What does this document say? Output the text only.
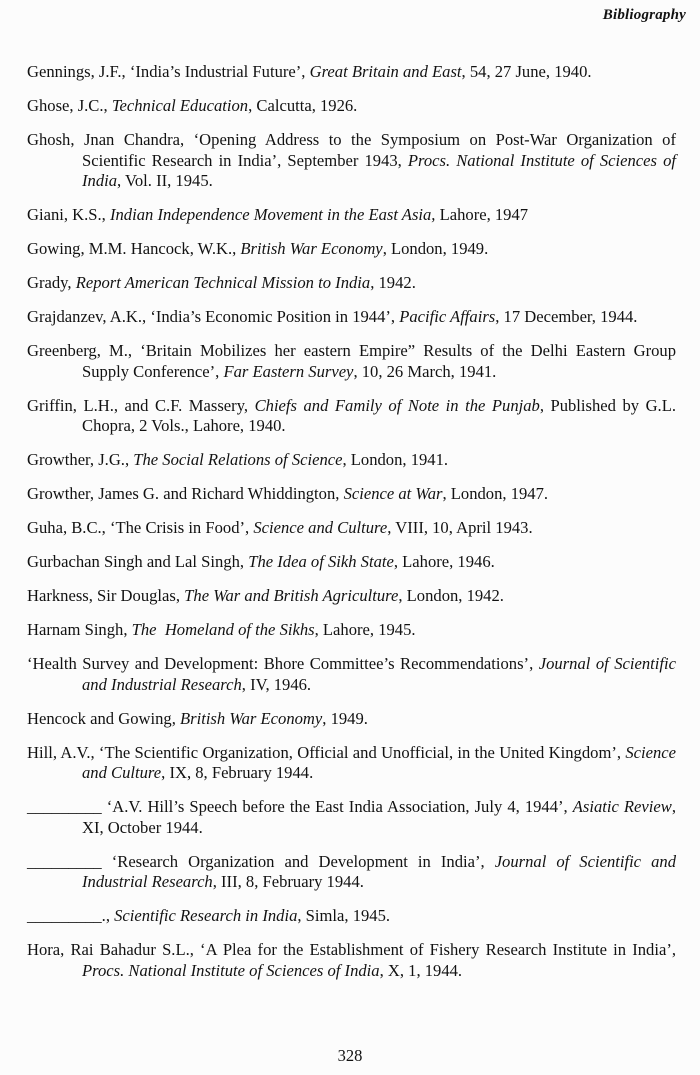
Bibliography

Gennings, J.F., ‘India’s Industrial Future’, Great Britain and East, 54, 27 June, 1940.

Ghose, J.C., Technical Education, Calcutta, 1926.

Ghosh, Jnan Chandra, ‘Opening Address to the Symposium on Post-War Organization of Scientific Research in India’, September 1943, Procs. National Institute of Sciences of India, Vol. II, 1945.

Giani, K.S., Indian Independence Movement in the East Asia, Lahore, 1947

Gowing, M.M. Hancock, W.K., British War Economy, London, 1949.

Grady, Report American Technical Mission to India, 1942.

Grajdanzev, A.K., ‘India’s Economic Position in 1944’, Pacific Affairs, 17 December, 1944.

Greenberg, M., ‘Britain Mobilizes her eastern Empire” Results of the Delhi Eastern Group Supply Conference’, Far Eastern Survey, 10, 26 March, 1941.

Griffin, L.H., and C.F. Massery, Chiefs and Family of Note in the Punjab, Published by G.L. Chopra, 2 Vols., Lahore, 1940.

Growther, J.G., The Social Relations of Science, London, 1941.

Growther, James G. and Richard Whiddington, Science at War, London, 1947.

Guha, B.C., ‘The Crisis in Food’, Science and Culture, VIII, 10, April 1943.

Gurbachan Singh and Lal Singh, The Idea of Sikh State, Lahore, 1946.

Harkness, Sir Douglas, The War and British Agriculture, London, 1942.

Harnam Singh, The  Homeland of the Sikhs, Lahore, 1945.

‘Health Survey and Development: Bhore Committee’s Recommendations’, Journal of Scientific and Industrial Research, IV, 1946.

Hencock and Gowing, British War Economy, 1949.

Hill, A.V., ‘The Scientific Organization, Official and Unofficial, in the United Kingdom’, Science and Culture, IX, 8, February 1944.

_________ ‘A.V. Hill’s Speech before the East India Association, July 4, 1944’, Asiatic Review, XI, October 1944.

_________ ‘Research Organization and Development in India’, Journal of Scientific and Industrial Research, III, 8, February 1944.

_________., Scientific Research in India, Simla, 1945.

Hora, Rai Bahadur S.L., ‘A Plea for the Establishment of Fishery Research Institute in India’, Procs. National Institute of Sciences of India, X, 1, 1944.

328
